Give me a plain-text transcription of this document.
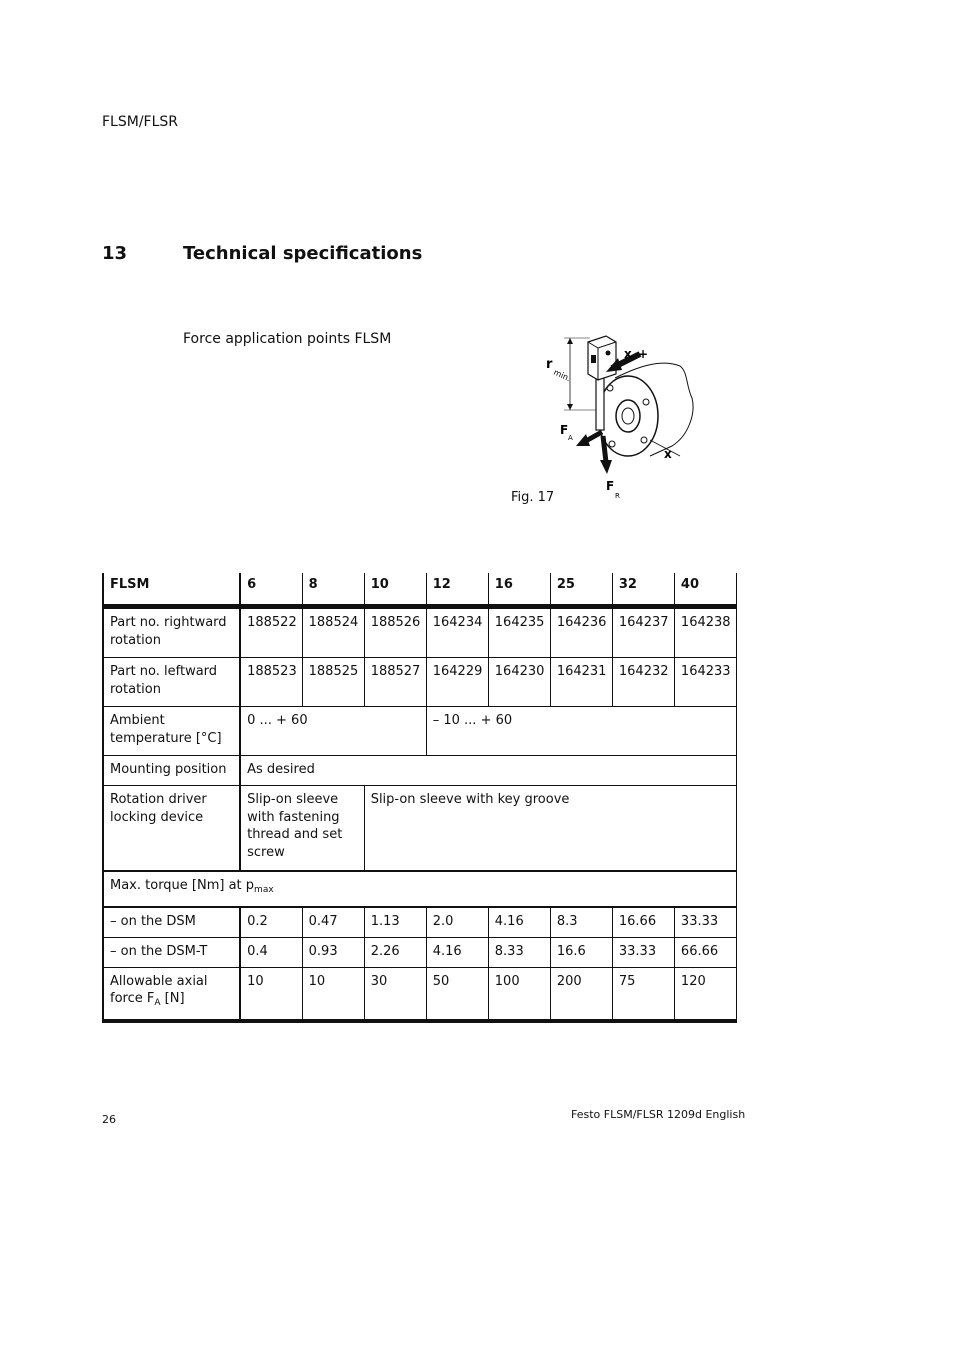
FLSM/FLSR
13	Technical specifications
Force application points FLSM
r
min.
x +
x
F
A
F
R
Fig. 17
FLSM	6	8	10	12	16	25	32	40
Part no. rightward rotation	188522	188524	188526	164234	164235	164236	164237	164238
Part no. leftward rotation	188523	188525	188527	164229	164230	164231	164232	164233
Ambient temperature [°C]	0 ... + 60			– 10 ... + 60				
Mounting position	As desired							
Rotation driver locking device	Slip-on sleeve with fastening thread and set screw		Slip-on sleeve with key groove					
Max. torque [Nm] at $p_{max}$
– on the DSM	0.2	0.47	1.13	2.0	4.16	8.3	16.66	33.33
– on the DSM-T	0.4	0.93	2.26	4.16	8.33	16.6	33.33	66.66
Allowable axial force $F_A$ [N]	10	10	30	50	100	200	75	120
26	Festo FLSM/FLSR 1209d English
